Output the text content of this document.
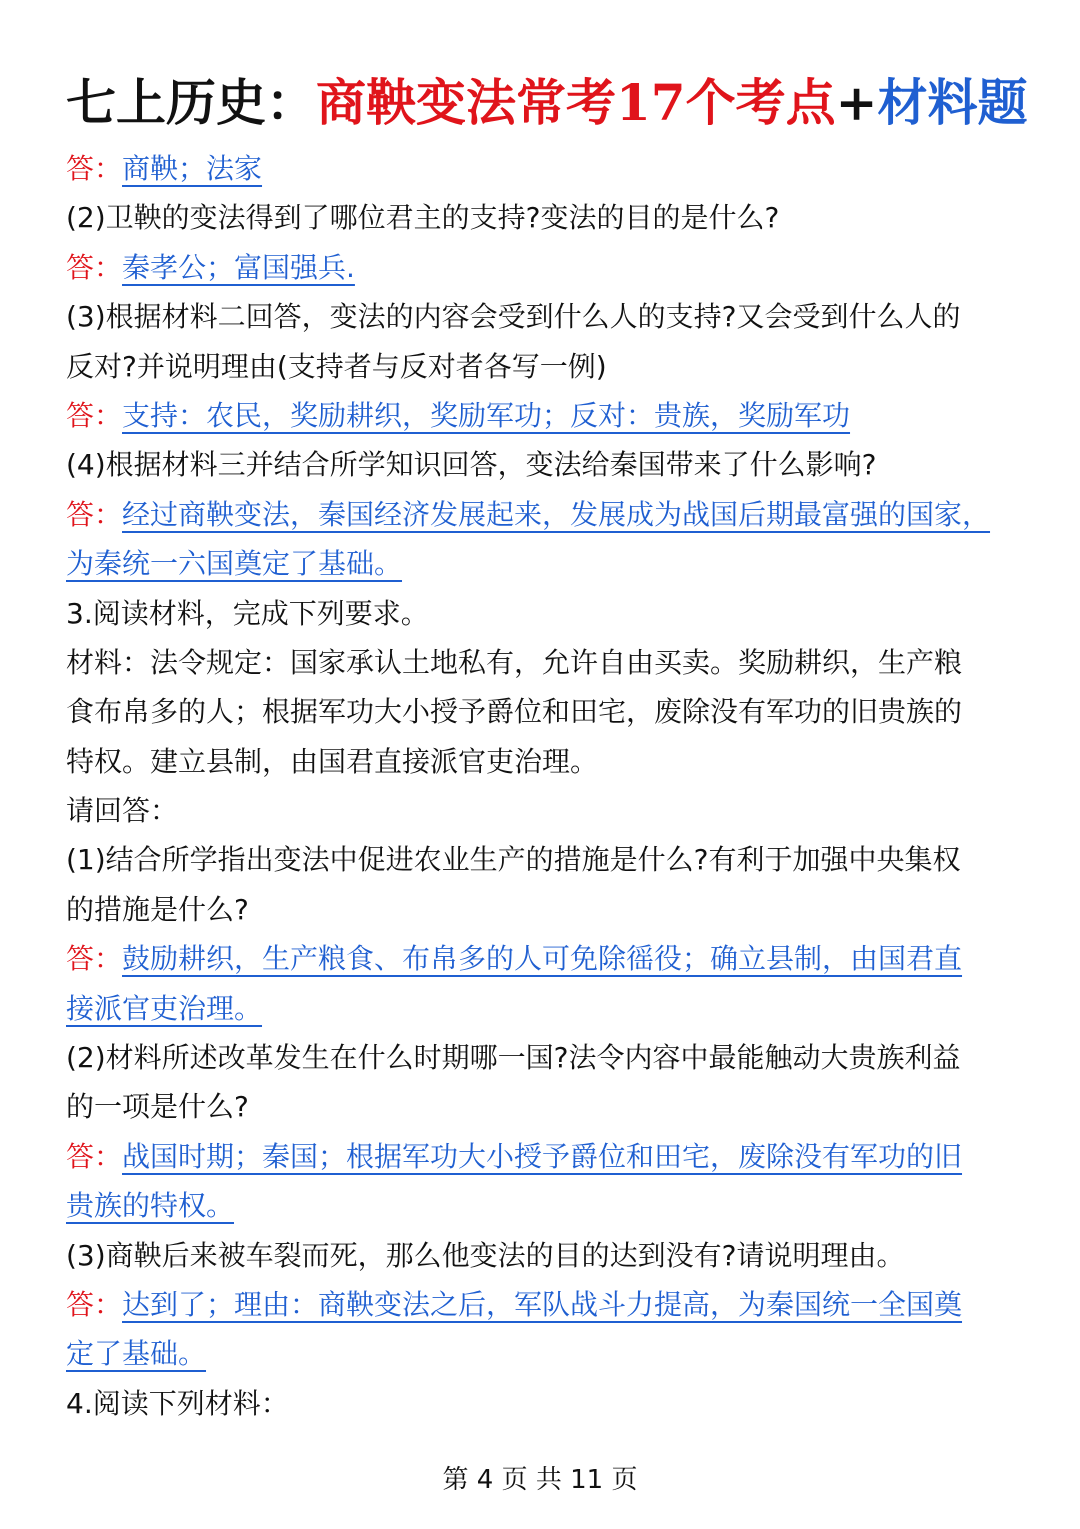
七上历史：商鞅变法常考17个考点+材料题
答：商鞅；法家
(2)卫鞅的变法得到了哪位君主的支持?变法的目的是什么?
答：秦孝公；富国强兵.
(3)根据材料二回答，变法的内容会受到什么人的支持?又会受到什么人的
反对?并说明理由(支持者与反对者各写一例)
答：支持：农民，奖励耕织，奖励军功；反对：贵族，奖励军功
(4)根据材料三并结合所学知识回答，变法给秦国带来了什么影响?
答：经过商鞅变法，秦国经济发展起来，发展成为战国后期最富强的国家，
为秦统一六国奠定了基础。
3.阅读材料，完成下列要求。
材料：法令规定：国家承认土地私有，允许自由买卖。奖励耕织，生产粮
食布帛多的人；根据军功大小授予爵位和田宅，废除没有军功的旧贵族的
特权。建立县制，由国君直接派官吏治理。
请回答：
(1)结合所学指出变法中促进农业生产的措施是什么?有利于加强中央集权
的措施是什么?
答：鼓励耕织，生产粮食、布帛多的人可免除徭役；确立县制，由国君直
接派官吏治理。
(2)材料所述改革发生在什么时期哪一国?法令内容中最能触动大贵族利益
的一项是什么?
答：战国时期；秦国；根据军功大小授予爵位和田宅，废除没有军功的旧
贵族的特权。
(3)商鞅后来被车裂而死，那么他变法的目的达到没有?请说明理由。
答：达到了；理由：商鞅变法之后，军队战斗力提高，为秦国统一全国奠
定了基础。
4.阅读下列材料：
第 4 页 共 11 页
